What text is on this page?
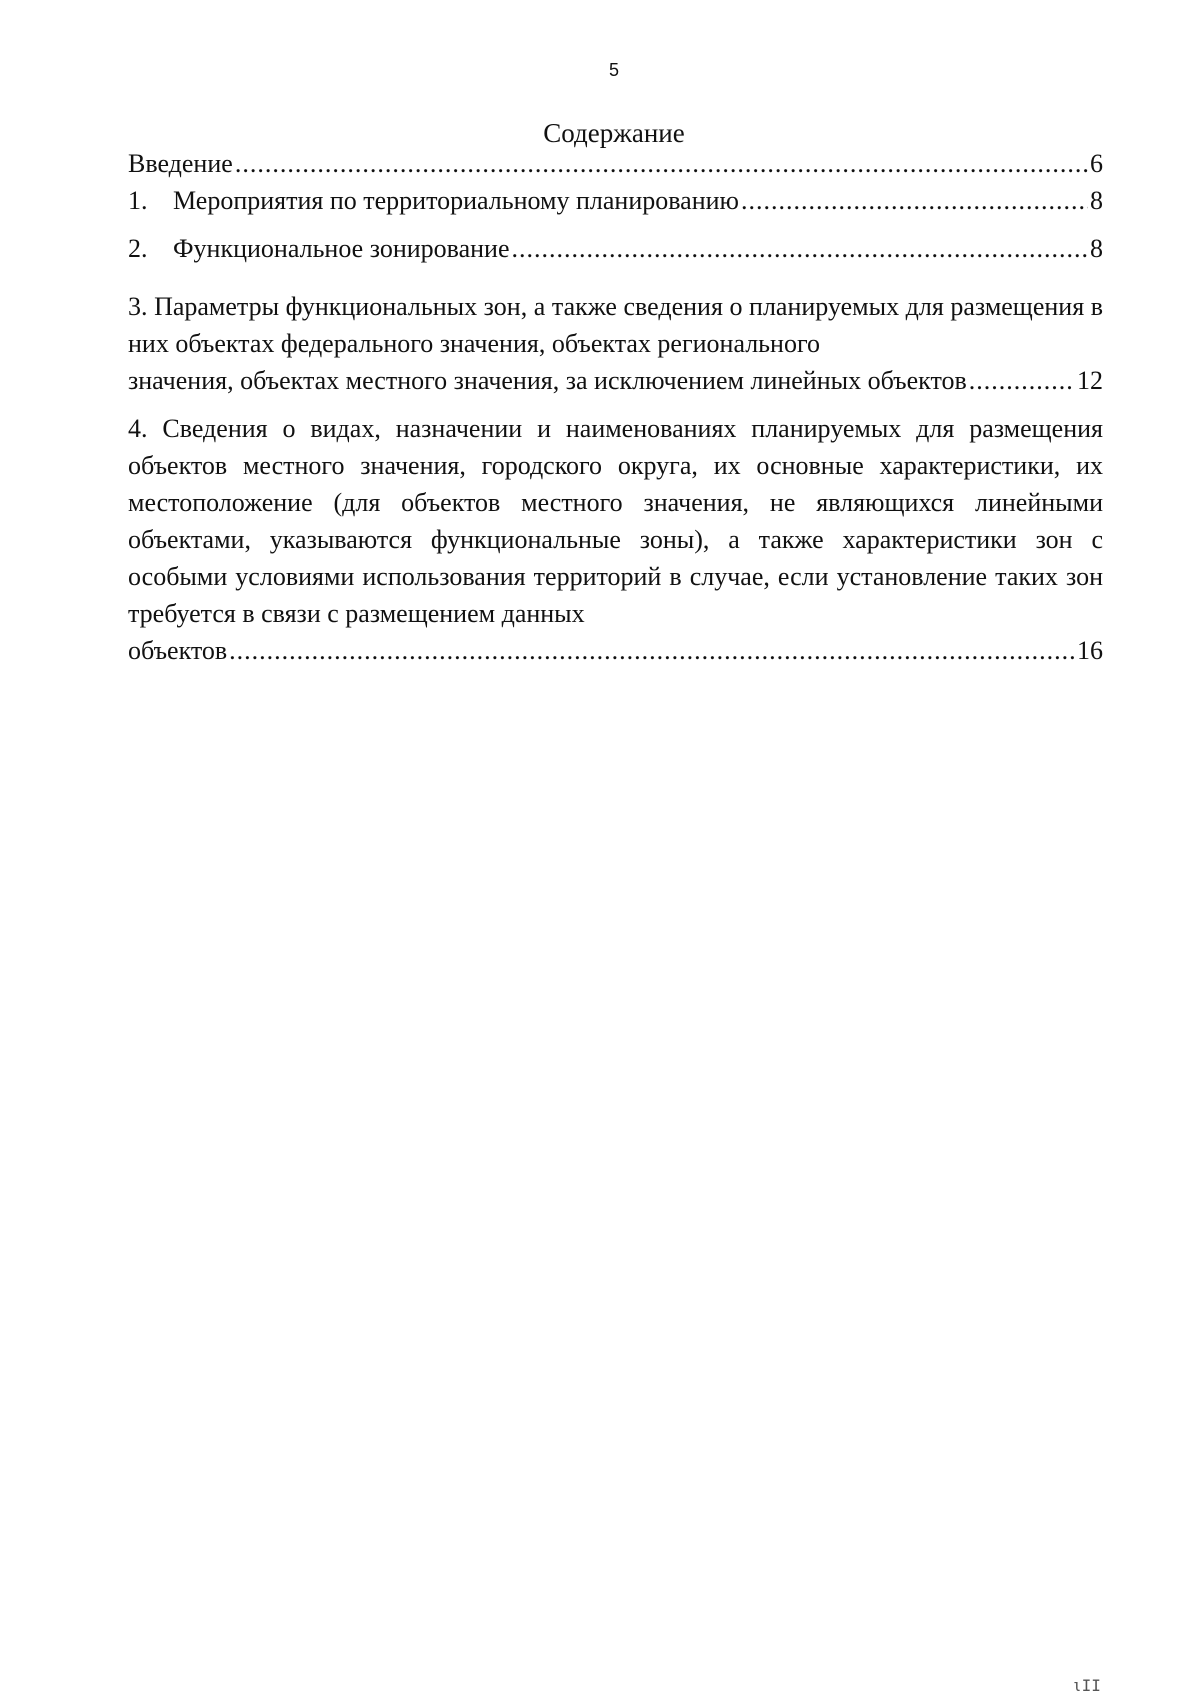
5
Содержание
Введение .....	6
1. Мероприятия по территориальному планированию .....	8
2. Функциональное зонирование .....	8
3. Параметры функциональных зон, а также сведения о планируемых для размещения в них объектах федерального значения, объектах регионального
значения, объектах местного значения, за исключением линейных объектов .....	12
4. Сведения о видах, назначении и наименованиях планируемых для размещения объектов местного значения, городского округа, их основные характеристики, их местоположение (для объектов местного значения, не являющихся линейными объектами, указываются функциональные зоны), а также характеристики зон с особыми условиями использования территорий в случае, если установление таких зон требуется в связи с размещением данных
объектов .....	16
ιII
